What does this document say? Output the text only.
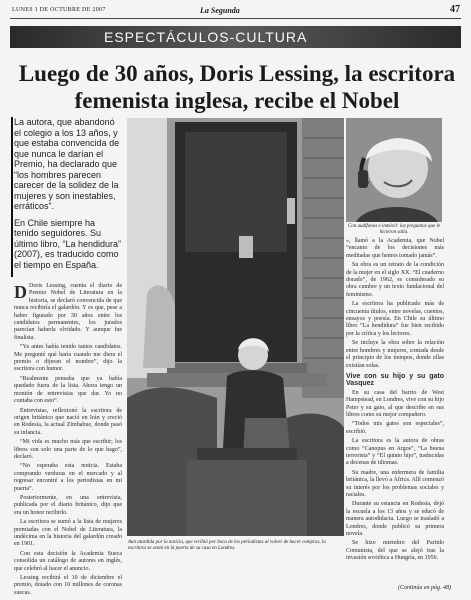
LUNES 1 DE OCTUBRE DE 2007	La Segunda	47
ESPECTÁCULOS-CULTURA
Luego de 30 años, Doris Lessing, la escritora
femenista inglesa, recibe el Nobel

La autora, que abandonó el colegio a los 13 años, y que estaba convencida de que nunca le darían el Premio, ha declarado que “los hombres parecen carecer de la solidez de la mujeres y son inestables, erráticos”.

En Chile siempre ha tenido seguidores. Su último libro, “La hendidura” (2007), es traducido como el tiempo en España.

Con audífonos e inmóvil: las preguntas que le hicieron salía.

D Doris Lessing, cuenta el diario de Premio Nobel de Literatura en la historia, se declaró convencida de que nunca recibiría el galardón. Y es que, pese a haber figurado por 30 años entre los candidatos permanentes, los jurados parecían haberla olvidado. Y aunque fue finalista.

“Ya antes había tenido tantos candidatos. Me pregunté qué haría cuando me diera el premio o dijeran el nombre”, dijo la escritora con humor.

“Realmente pensaba que ya había quedado fuera de la lista. Ahora tengo un montón de entrevistas que dar. Yo no contaba con esto”.

Entrevistas, reflexionó la escritora de origen británico que nació en Irán y creció en Rodesia, la actual Zimbabue, donde pasó su infancia.

“Mi vida es mucho más que escribir; los libros son solo una parte de lo que hago”, declaró.

“No esperaba esta noticia. Estaba comprando verduras en el mercado y al regresar encontré a los periodistas en mi puerta”.

Posteriormente, en una entrevista, publicada por el diario británico, dijo que era un honor recibirlo.

La escritora se sumó a la lista de mujeres premiadas con el Nobel de Literatura, la undécima en la historia del galardón creado en 1901.

Con esta decisión la Academia Sueca consolida un catálogo de autores en inglés, que celebró al hacer el anuncio.

Lessing recibirá el 10 de diciembre el premio, dotado con 10 millones de coronas suecas.

», llamó a la Academia, que Nobel “encanto de los decisiones más meditadas que hemos tomado jamás”.

Su obra es un retrato de la condición de la mujer en el siglo XX. “El cuaderno dorado”, de 1962, es considerado su obra cumbre y un texto fundacional del feminismo.

La escritora ha publicado más de cincuenta títulos, entre novelas, cuentos, ensayos y poesía. En Chile su último libro “La hendidura” fue bien recibido por la crítica y los lectores.

Se incluye la obra sobre la relación entre hombres y mujeres, contada desde el principio de los tiempos, donde ellas existían solas.

Vive con su hijo y su gato Vasquez

En su casa del barrio de West Hampstead, en Londres, vive con su hijo Peter y su gato, al que describe en sus libros como su mejor compañero.

“Todos mis gatos son especiales”, escribió.

La escritora es la autora de obras como “Canopus en Argos”, “La buena terrorista” y “El quinto hijo”, traducidas a decenas de idiomas.

Su madre, una enfermera de familia británica, la llevó a África. Allí comenzó su interés por los problemas sociales y raciales.

Durante su estancia en Rodesia, dejó la escuela a los 13 años y se educó de manera autodidacta. Luego se trasladó a Londres, donde publicó su primera novela.

Se hizo miembro del Partido Comunista, del que se alejó tras la invasión soviética a Hungría, en 1956.

(Continúa en pág. 48)
Aun aturdida por la noticia, que recibió por boca de los periodistas al volver de hacer compras, la escritora se sentó en la puerta de su casa en Londres.
